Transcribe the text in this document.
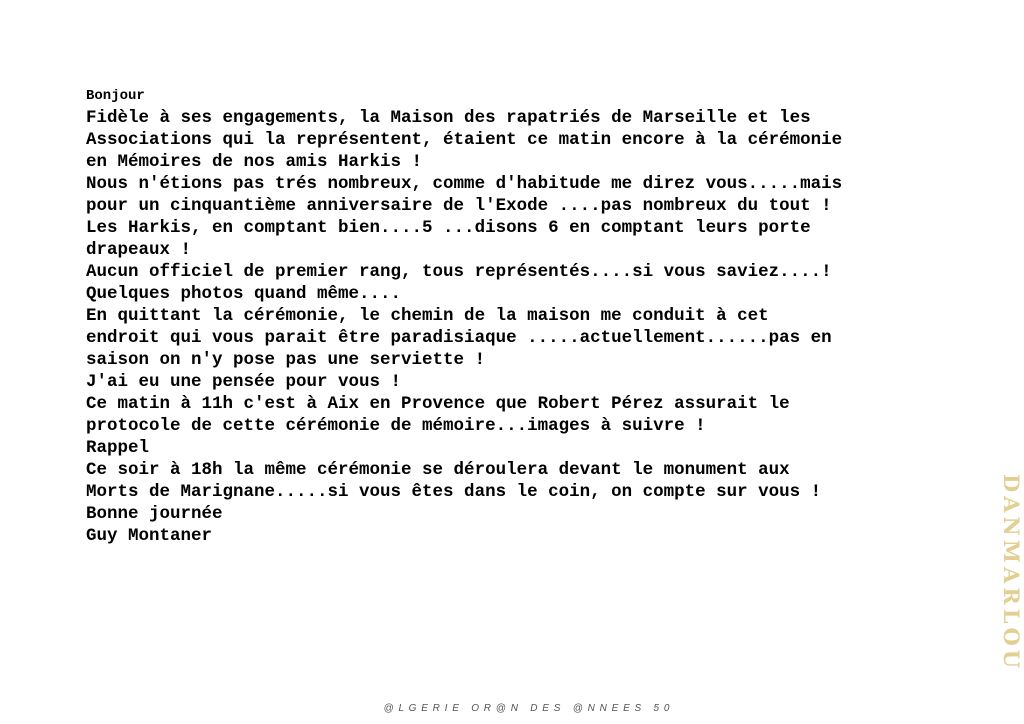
Bonjour
Fidèle à ses engagements, la Maison des rapatriés de Marseille et les
Associations qui la représentent, étaient ce matin encore à la cérémonie
en Mémoires de nos amis Harkis !
Nous n'étions pas trés nombreux, comme d'habitude me direz vous.....mais
pour un cinquantième anniversaire de l'Exode ....pas nombreux du tout !
Les Harkis, en comptant bien....5 ...disons 6 en comptant leurs porte
drapeaux !
Aucun officiel de premier rang, tous représentés....si vous saviez....!
Quelques photos quand même....
En quittant la cérémonie, le chemin de la maison me conduit à cet
endroit qui vous parait être paradisiaque .....actuellement......pas en
saison on n'y pose pas une serviette !
J'ai eu une pensée pour vous !
Ce matin à 11h c'est à Aix en Provence que Robert Pérez assurait le
protocole de cette cérémonie de mémoire...images à suivre !
Rappel
Ce soir à 18h la même cérémonie se déroulera devant le monument aux
Morts de Marignane.....si vous êtes dans le coin, on compte sur vous !
Bonne journée
Guy Montaner	DANMARLOU
@ L G E R I E   O R @ N   D E S   @ N N E E S   5 0
